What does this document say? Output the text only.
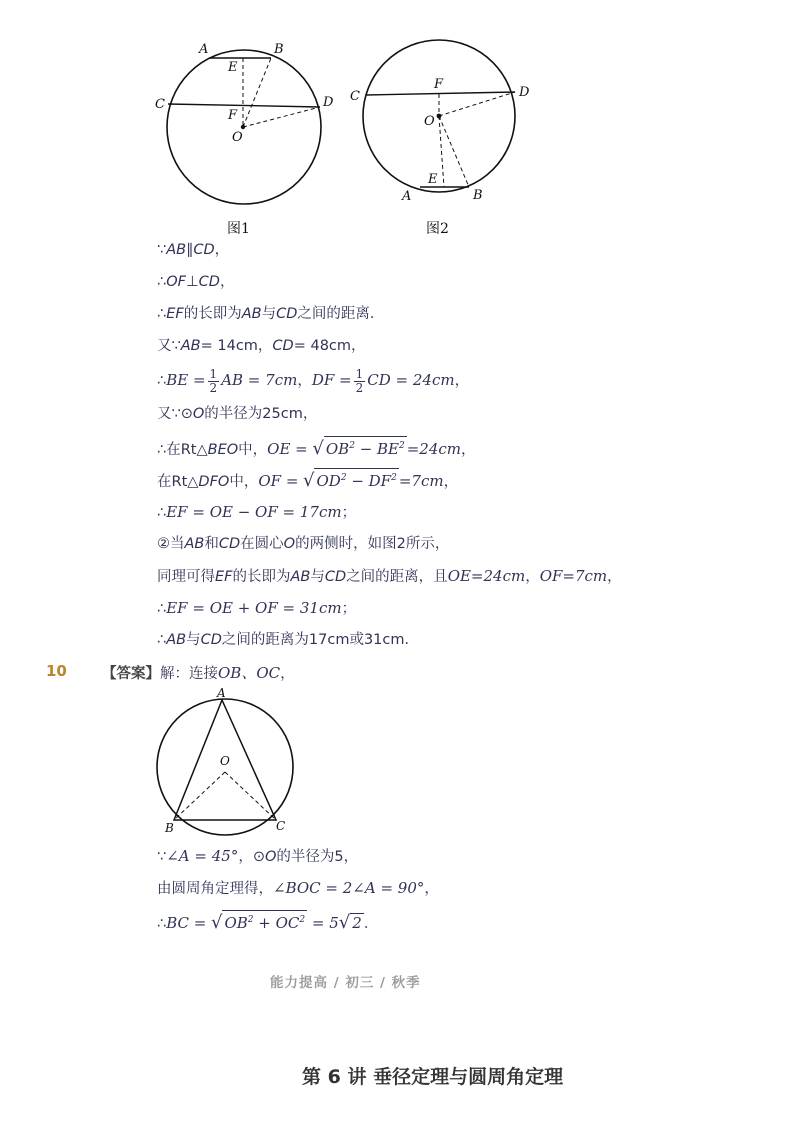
A	B
C	D
E
F
O
图1
C	D
F
O
E
A	B
图2
∵AB∥CD，
∴OF⊥CD，
∴EF的长即为AB与CD之间的距离．
又∵AB= 14cm，CD= 48cm，
∴BE = $\frac{1}{2}$ AB = 7cm，DF = $\frac{1}{2}$ CD = 24cm，
又∵⊙O的半径为25cm，
∴在Rt△BEO中，OE = √ $OB^2 - BE^2 =24cm$，
在Rt△DFO中，OF = √ $OD^2 - DF^2 =7cm$，
∴EF = OE − OF = 17cm；
②当AB和CD在圆心O的两侧时，如图2所示，
同理可得EF的长即为AB与CD之间的距离，且OE=24cm，OF=7cm，
∴EF = OE + OF = 31cm；
∴AB与CD之间的距离为17cm或31cm．
10 【答案】解：连接OB、OC，
A
O
B	C
∵∠A = 45°，⊙O的半径为5，
由圆周角定理得，∠BOC = 2∠A = 90°，
∴BC = √ $OB^2 + OC^2 = 5√$ 2 ．
能力提高 / 初三 / 秋季
第 6 讲 垂径定理与圆周角定理
